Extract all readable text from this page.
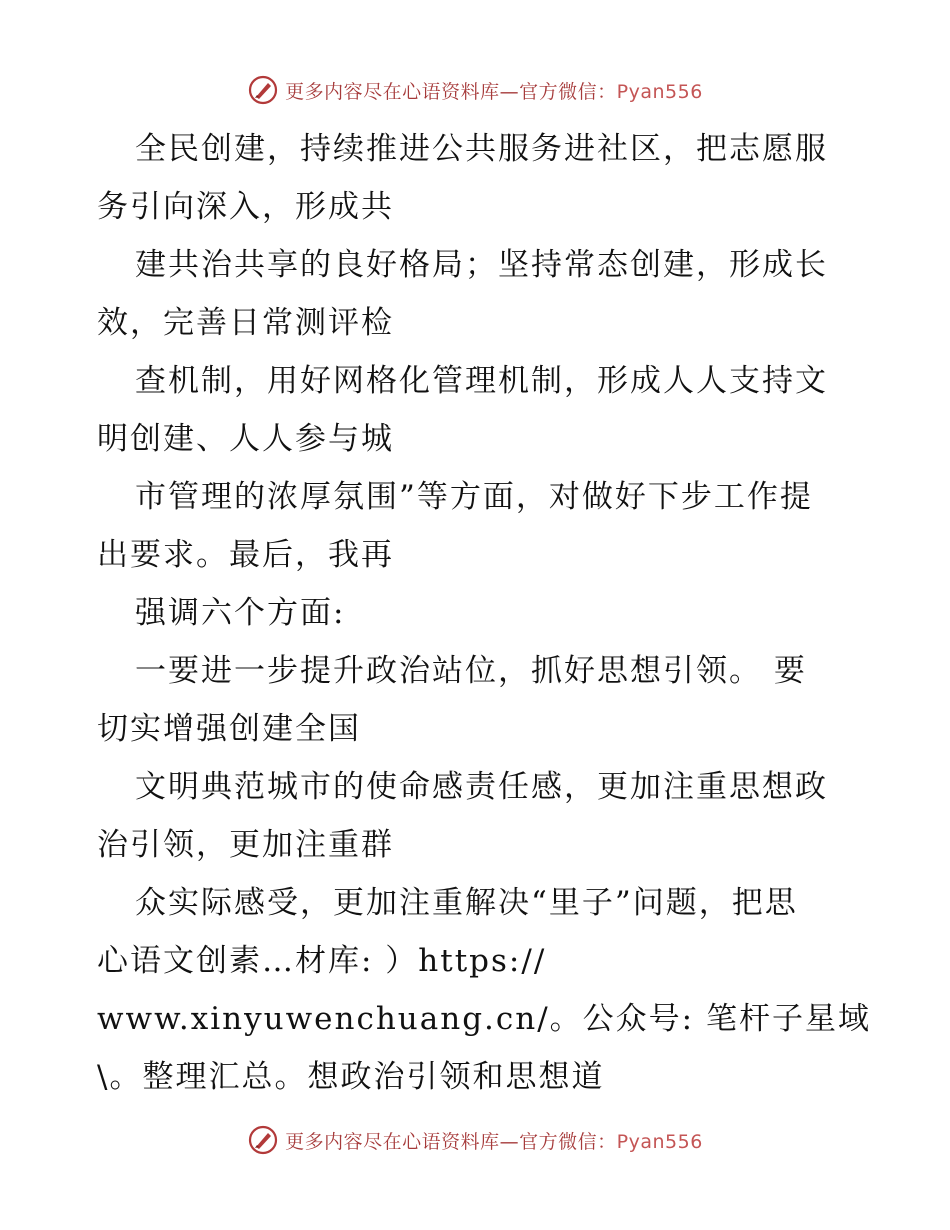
更多内容尽在心语资料库—官方微信：Pyan556
全民创建，持续推进公共服务进社区，把志愿服
务引向深入，形成共
建共治共享的良好格局；坚持常态创建，形成长
效，完善日常测评检
查机制，用好网格化管理机制，形成人人支持文
明创建、人人参与城
市管理的浓厚氛围”等方面，对做好下步工作提
出要求。最后，我再
强调六个方面:
一要进一步提升政治站位，抓好思想引领。 要
切实增强创建全国
文明典范城市的使命感责任感，更加注重思想政
治引领，更加注重群
众实际感受，更加注重解决“里子”问题，把思
心语文创素…材库: ）https://
www.xinyuwenchuang.cn/。公众号: 笔杆子星域
\。整理汇总。想政治引领和思想道
更多内容尽在心语资料库—官方微信：Pyan556
